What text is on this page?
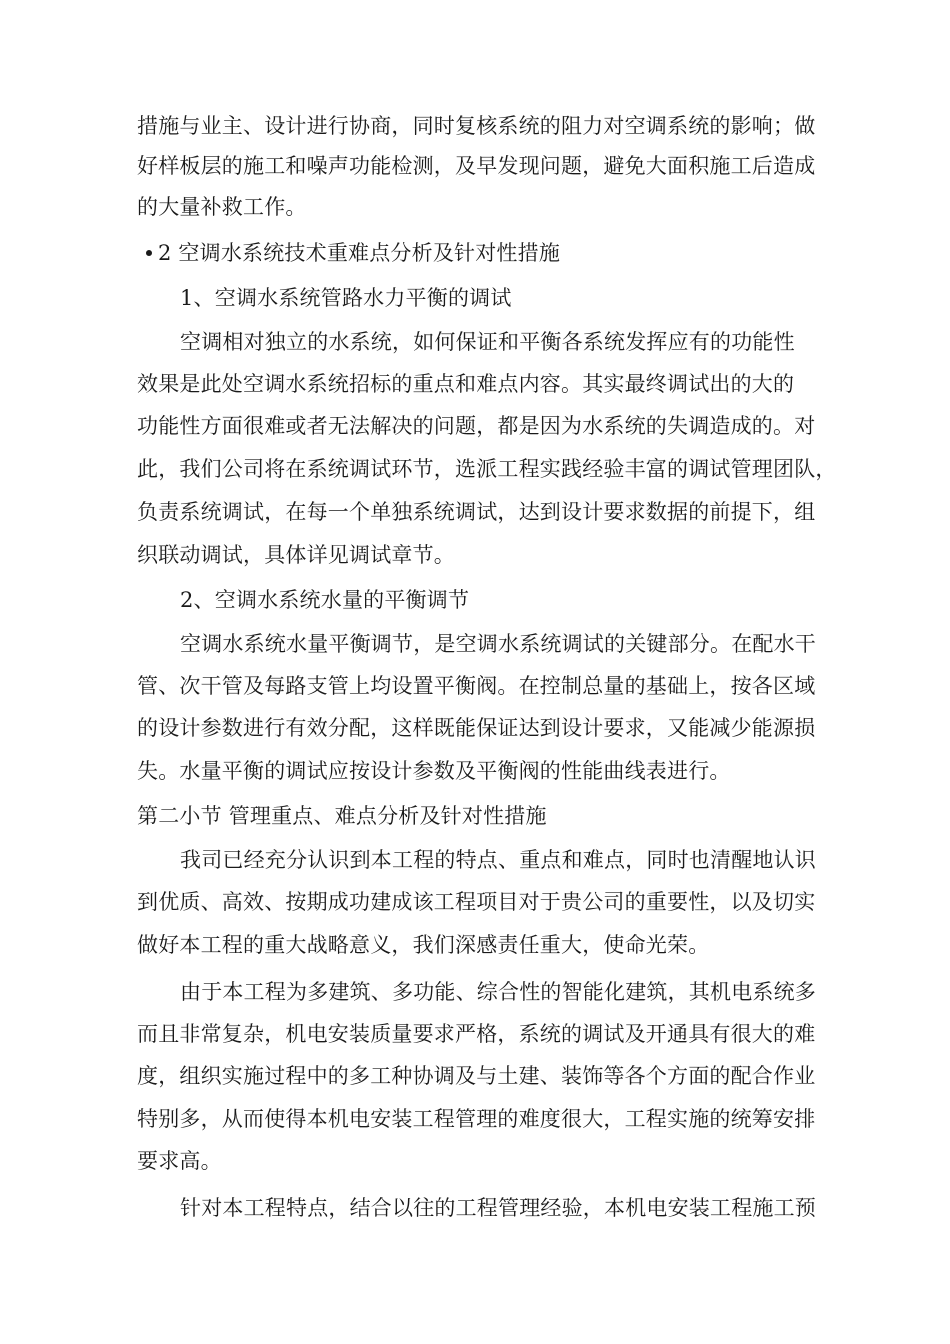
措施与业主、设计进行协商，同时复核系统的阻力对空调系统的影响；做
好样板层的施工和噪声功能检测，及早发现问题，避免大面积施工后造成
的大量补救工作。
2 空调水系统技术重难点分析及针对性措施
1、空调水系统管路水力平衡的调试
空调相对独立的水系统，如何保证和平衡各系统发挥应有的功能性
效果是此处空调水系统招标的重点和难点内容。其实最终调试出的大的
功能性方面很难或者无法解决的问题，都是因为水系统的失调造成的。对
此，我们公司将在系统调试环节，选派工程实践经验丰富的调试管理团队，
负责系统调试，在每一个单独系统调试，达到设计要求数据的前提下，组
织联动调试，具体详见调试章节。
2、空调水系统水量的平衡调节
空调水系统水量平衡调节，是空调水系统调试的关键部分。在配水干
管、次干管及每路支管上均设置平衡阀。在控制总量的基础上，按各区域
的设计参数进行有效分配，这样既能保证达到设计要求，又能减少能源损
失。水量平衡的调试应按设计参数及平衡阀的性能曲线表进行。
第二小节 管理重点、难点分析及针对性措施
我司已经充分认识到本工程的特点、重点和难点，同时也清醒地认识
到优质、高效、按期成功建成该工程项目对于贵公司的重要性，以及切实
做好本工程的重大战略意义，我们深感责任重大，使命光荣。
由于本工程为多建筑、多功能、综合性的智能化建筑，其机电系统多
而且非常复杂，机电安装质量要求严格，系统的调试及开通具有很大的难
度，组织实施过程中的多工种协调及与土建、装饰等各个方面的配合作业
特别多，从而使得本机电安装工程管理的难度很大，工程实施的统筹安排
要求高。
针对本工程特点，结合以往的工程管理经验，本机电安装工程施工预
